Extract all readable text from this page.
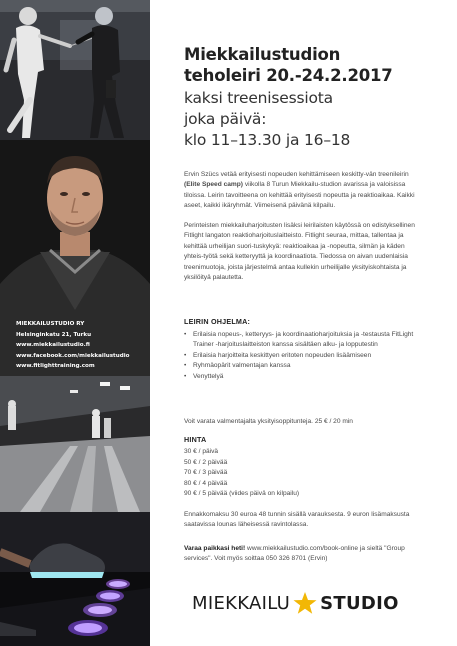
MIEKKAILUSTUDIO RY
Helsinginkatu 21, Turku
www.miekkailustudio.fi
www.facebook.com/miekkailustudio
www.fitlighttraining.com
Miekkailustudion
teholeiri 20.-24.2.2017
kaksi treenisessiota
joka päivä:
klo 11–13.30 ja 16–18

Ervin Szücs vetää erityisesti nopeuden kehittämiseen keskitty-vän treenileirin (Elite Speed camp) viikolla 8 Turun Miekkailu-studion avarissa ja valoisissa tiloissa. Leirin tavoitteena on kehittää erityisesti nopeutta ja reaktioaikaa. Kaikki aseet, kaikki ikäryhmät. Viimeisenä päivänä kilpailu.

Perinteisten miekkailuharjoitusten lisäksi leirilaisten käytössä on edistyksellinen Fitlight langaton reaktioharjoituslaitteisto. Fitlight seuraa, mittaa, tallentaa ja kehittää urheilijan suori-tuskykyä: reaktioaikaa ja -nopeutta, silmän ja käden yhteis-työtä sekä ketteryyttä ja koordinaatiota. Tiedossa on aivan uudenlaisia treenimuotoja, joista järjestelmä antaa kullekin urheilijalle yksityiskohtaista ja yksilöityä palautetta.

LEIRIN OHJELMA:
• Erilaisia nopeus-, ketteryys- ja koordinaatioharjoituksia ja -testausta FitLight Trainer -harjoituslaitteiston kanssa sisältäen alku- ja lopputestin
• Erilaisia harjoitteita keskittyen eritoten nopeuden lisäämiseen
• Ryhmäopärit valmentajan kanssa
• Venyttelyä

Voit varata valmentajalta yksityisoppitunteja. 25 € / 20 min

HINTA
30 € / päivä
50 € / 2 päivää
70 € / 3 päivää
80 € / 4 päivää
90 € / 5 päivää (viides päivä on kilpailu)

Ennakkomaksu 30 euroa 48 tunnin sisällä varauksesta. 9 euron lisämaksusta saatavissa lounas läheisessä ravintolassa.

Varaa paikkasi heti! www.miekkailustudio.com/book-online ja sieltä "Group services". Voit myös soittaa 050 326 8701 (Ervin)

MIEKKAILU STUDIO
